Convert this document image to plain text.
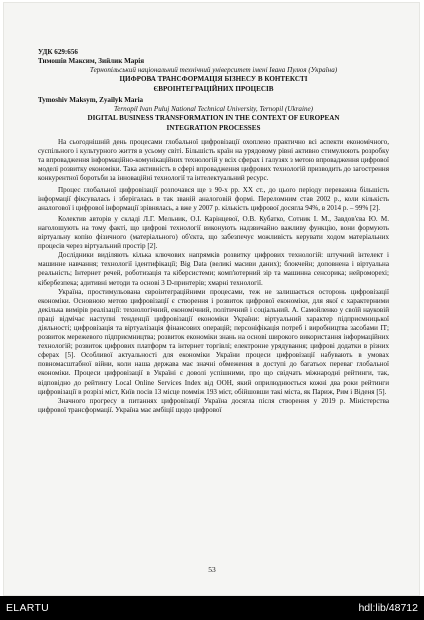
УДК 629:656
Тимошів Максим, Зийлик Марія
Тернопільський національний технічний університет імені Івана Пулюя (Україна)
ЦИФРОВА ТРАНСФОРМАЦІЯ БІЗНЕСУ В КОНТЕКСТІ
ЄВРОІНТЕГРАЦІЙНИХ ПРОЦЕСІВ
Tymoshiv Maksym, Zyailyk Maria
Ternopil Ivan Puluj National Technical University, Ternopil (Ukraine)
DIGITAL BUSINESS TRANSFORMATION IN THE CONTEXT OF EUROPEAN
INTEGRATION PROCESSES

На сьогоднішній день процесами глобальної цифровізації охоплено практично всі аспекти економічного, суспільного і культурного життя в усьому світі. Більшість країн на урядовому рівні активно стимулюють розробку та впровадження інформаційно-комунікаційних технологій у всіх сферах і галузях з метою впровадження цифрової моделі розвитку економіки. Така активність в сфері впровадження цифрових технологій призводить до загострення конкурентної боротьби за інноваційні технології та інтелектуальний ресурс.

Процес глобальної цифровізації розпочався ще з 90-х рр. ХХ ст., до цього періоду переважна більшість інформації фіксувалась і зберігалась в так званій аналоговій формі. Переломним став 2002 р., коли кількість аналогової і цифрової інформації зрівнялась, а вже у 2007 р. кількість цифрової досягла 94%, в 2014 р. – 99% [2].

Колектив авторів у складі Л.Г. Мельник, О.І. Карінцевої, О.В. Кубатко, Сотник І. М., Завдов'єва Ю. М. наголошують на тому факті, що цифрові технології виконують надзвичайно важливу функцію, вони формують віртуальну копію фізичного (матеріального) об'єкта, що забезпечує можливість керувати ходом матеріальних процесів через віртуальний простір [2].

Дослідники виділяють кілька ключових напрямків розвитку цифрових технологій: штучний інтелект і машинне навчання; технології ідентифікації; Big Data (великі масиви даних); блокчейн; доповнена і віртуальна реальність; Інтернет речей, роботизація та кіберсистеми; комп'ютерний зір та машинна сенсорика; нейроморехі; кібербезпека; адитивні методи та основі 3 D-принтерів; хмарні технології.

Україна, простимульована євроінтеграційними процесами, теж не залишається осторонь цифровізації економіки. Основною метою цифровізації є створення і розвиток цифрової економіки, для якої є характерними декілька вимірів реалізації: технологічний, економічний, політичний і соціальний. А. Самойленко у своїй науковій праці відмічає наступні тенденції цифровізації економіки України: віртуальний характер підприємницької діяльності; цифровізація та віртуалізація фінансових операцій; персоніфікація потреб і виробництва засобами ІТ; розвиток мережевого підприємництва; розвиток економіки знань на основі широкого використання інформаційних технологій; розвиток цифрових платформ та інтернет торгівлі; електронне урядування; цифрові додатки в різних сферах [5]. Особливої актуальності для економіки України процеси цифровізації набувають в умовах повномасштабної війни, коли наша держава має значні обмеження в доступі до багатьох переваг глобальної економіки. Процеси цифровізації в Україні є доволі успішними, про що свідчать міжнародні рейтинги, так, відповідно до рейтингу Local Online Services Index від ООН, який оприлюднюється кожні два роки рейтинги цифровізації в розрізі міст, Київ посів 13 місце помміж 193 міст, обійшовши такі міста, як Париж, Рим і Віденя [5].

Значного прогресу в питаннях цифровізації Україна досягла після створення у 2019 р. Міністерства цифрової трансформації. Україна має амбіції щодо цифрової

53
ELARTU	hdl:lib/48712
